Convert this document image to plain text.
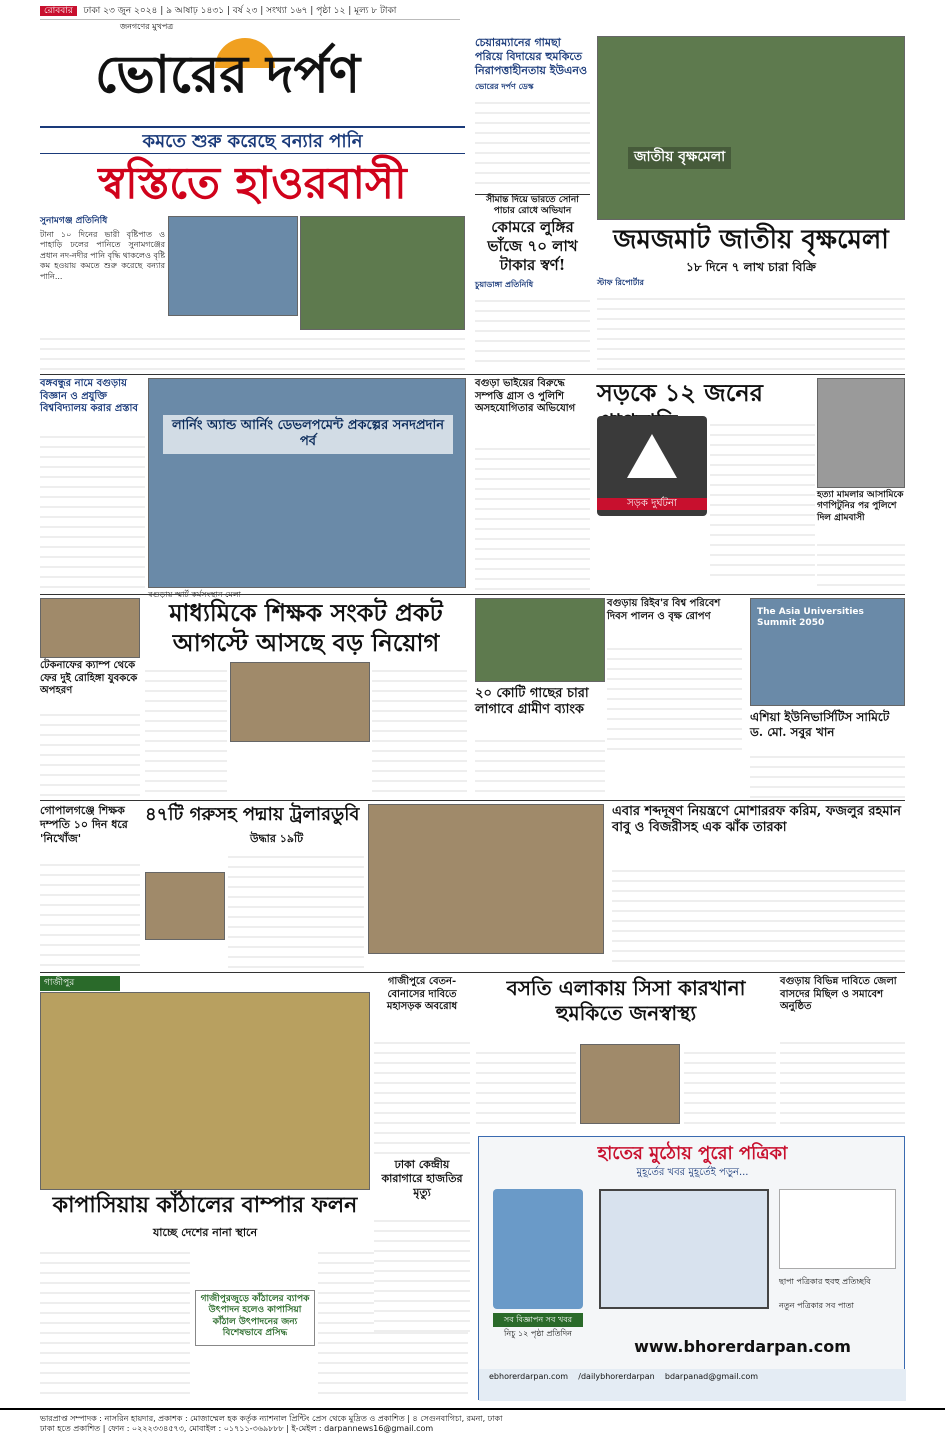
রোববার ঢাকা ২৩ জুন ২০২৪ | ৯ আষাঢ় ১৪৩১ | বর্ষ ২৩ | সংখ্যা ১৬৭ | পৃষ্ঠা ১২ | মূল্য ৮ টাকা
জনগণের মুখপত্র
ভোরের দর্পণ
কমতে শুরু করেছে বন্যার পানি
স্বস্তিতে হাওরবাসী
সুনামগঞ্জ প্রতিনিধি
টানা ১০ দিনের ভারী বৃষ্টিপাত ও পাহাড়ি ঢলের পানিতে সুনামগঞ্জের প্রধান নদ-নদীর পানি বৃদ্ধি থাকলেও বৃষ্টি কম হওয়ায় কমতে শুরু করেছে বন্যার পানি...
চেয়ারম্যানের গামছা পরিয়ে বিদায়ের হুমকিতে নিরাপত্তাহীনতায় ইউএনও
ভোরের দর্পণ ডেস্ক
সীমান্ত দিয়ে ভারতে সোনা পাচার রোধে অভিযান
কোমরে লুঙ্গির ভাঁজে ৭০ লাখ টাকার স্বর্ণ!
চুয়াডাঙ্গা প্রতিনিধি
জাতীয় বৃক্ষমেলা
জমজমাট জাতীয় বৃক্ষমেলা
১৮ দিনে ৭ লাখ চারা বিক্রি
স্টাফ রিপোর্টার
বঙ্গবন্ধুর নামে বগুড়ায় বিজ্ঞান ও প্রযুক্তি বিশ্ববিদ্যালয় করার প্রস্তাব
লার্নিং অ্যান্ড আর্নিং ডেভলপমেন্ট প্রকল্পের সনদপ্রদান পর্ব
বগুড়া ভাইয়ের বিরুদ্ধে সম্পত্তি গ্রাস ও পুলিশি অসহযোগিতার অভিযোগ
সড়কে ১২ জনের
সড়ক দুর্ঘটনা
হত্যা মামলার আসামিকে গণপিটুনির পর পুলিশে দিল গ্রামবাসী
টেকনাফের ক্যাম্প থেকে ফের দুই রোহিঙ্গা যুবককে অপহরণ
মাধ্যমিকে শিক্ষক সংকট প্রকট আগস্টে আসছে বড় নিয়োগ
বগুড়ায় রিইব'র বিশ্ব পরিবেশ দিবস পালন ও বৃক্ষ রোপণ
২০ কোটি গাছের চারা লাগাবে গ্রামীণ ব্যাংক
The Asia Universities Summit 2050
এশিয়া ইউনিভার্সিটিস সামিটে ড. মো. সবুর খান
গোপালগঞ্জে শিক্ষক দম্পতি ১০ দিন ধরে 'নিখোঁজ'
৪৭টি গরুসহ পদ্মায় ট্রলারডুবি
উদ্ধার ১৯টি
এবার শব্দদূষণ নিয়ন্ত্রণে মোশাররফ করিম, ফজলুর রহমান বাবু ও বিজরীসহ এক ঝাঁক তারকা
গাজীপুর
কাপাসিয়ায় কাঁঠালের বাম্পার ফলন
যাচ্ছে দেশের নানা স্থানে
গাজীপুরজুড়ে কাঁঠালের ব্যাপক উৎপাদন হলেও কাপাসিয়া কাঁঠাল উৎপাদনের জন্য বিশেষভাবে প্রসিদ্ধ
গাজীপুরে বেতন-বোনাসের দাবিতে মহাসড়ক অবরোধ
ঢাকা কেন্দ্রীয় কারাগারে হাজতির মৃত্যু
বসতি এলাকায় সিসা কারখানা হুমকিতে জনস্বাস্থ্য
বগুড়ায় বিভিন্ন দাবিতে জেলা বাসদের মিছিল ও সমাবেশ অনুষ্ঠিত
হাতের মুঠোয় পুরো পত্রিকা
মুহূর্তের খবর মুহূর্তেই পড়ুন...
ছাপা পত্রিকার হুবহু প্রতিচ্ছবি
নতুন পত্রিকার সব পাতা
সব বিজ্ঞাপন সব খবর
নিচু ১২ পৃষ্ঠা প্রতিদিন
www.bhorerdarpan.com
ebhorerdarpan.com /dailybhorerdarpan bdarpanad@gmail.com
ভারপ্রাপ্ত সম্পাদক : নাসরিন হায়দার, প্রকাশক : মোজাম্মেল হক কর্তৃক ন্যাশনাল প্রিন্টিং প্রেস থেকে মুদ্রিত ও প্রকাশিত | ৪ সেগুনবাগিচা, রমনা, ঢাকা
ঢাকা হতে প্রকাশিত | ফোন : ০২২২৩৩৪৫৭৩, মোবাইল : ০১৭১১-৩৬৯৮৮৮ | ই-মেইল : darpannews16@gmail.com
